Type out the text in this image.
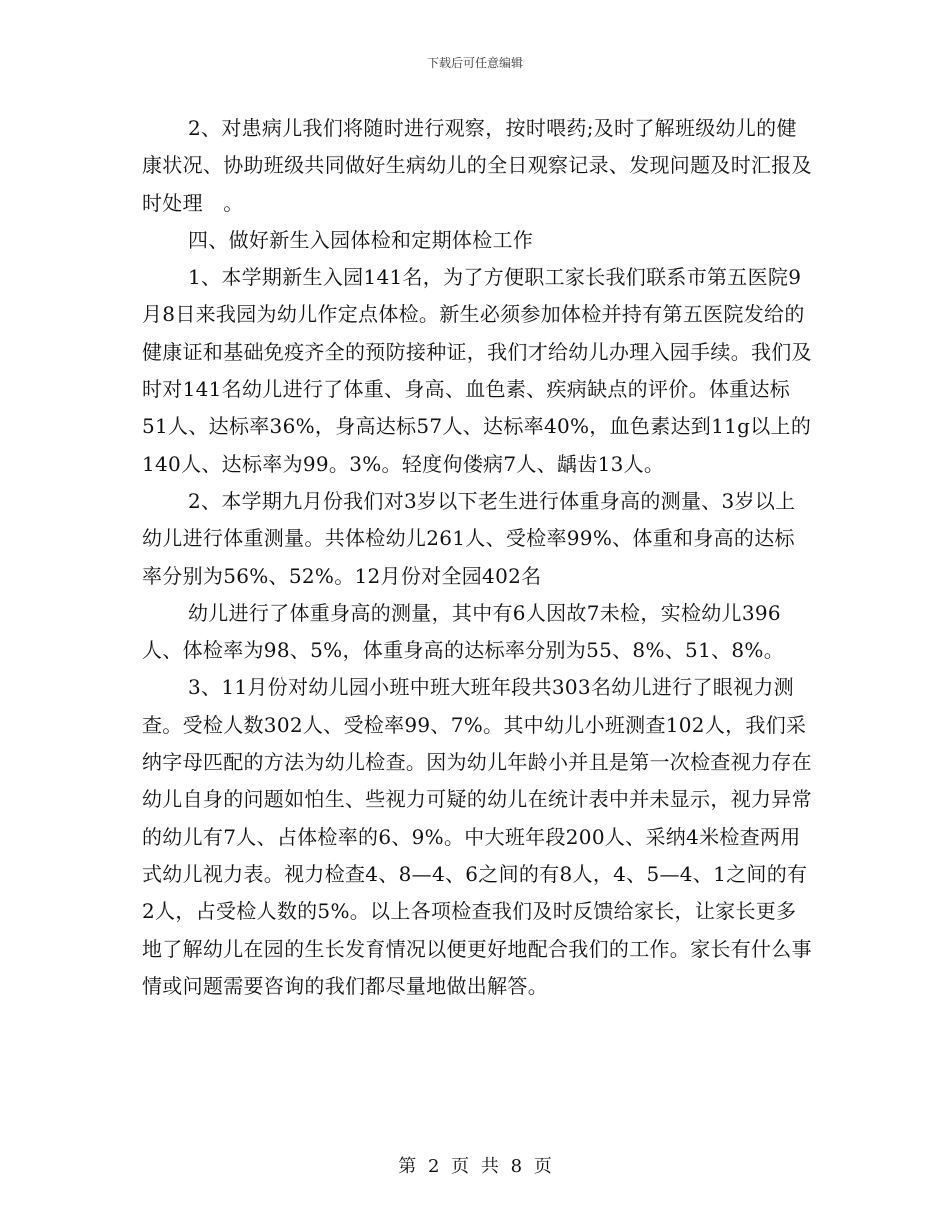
下载后可任意编辑

2、对患病儿我们将随时进行观察，按时喂药;及时了解班级幼儿的健康状况、协助班级共同做好生病幼儿的全日观察记录、发现问题及时汇报及时处理　。

四、做好新生入园体检和定期体检工作

1、本学期新生入园141名，为了方便职工家长我们联系市第五医院9月8日来我园为幼儿作定点体检。新生必须参加体检并持有第五医院发给的健康证和基础免疫齐全的预防接种证，我们才给幼儿办理入园手续。我们及时对141名幼儿进行了体重、身高、血色素、疾病缺点的评价。体重达标51人、达标率36%，身高达标57人、达标率40%，血色素达到11g以上的140人、达标率为99。3%。轻度佝偻病7人、龋齿13人。

2、本学期九月份我们对3岁以下老生进行体重身高的测量、3岁以上幼儿进行体重测量。共体检幼儿261人、受检率99%、体重和身高的达标率分别为56%、52%。12月份对全园402名

幼儿进行了体重身高的测量，其中有6人因故7未检，实检幼儿396人、体检率为98、5%，体重身高的达标率分别为55、8%、51、8%。

3、11月份对幼儿园小班中班大班年段共303名幼儿进行了眼视力测查。受检人数302人、受检率99、7%。其中幼儿小班测查102人，我们采纳字母匹配的方法为幼儿检查。因为幼儿年龄小并且是第一次检查视力存在幼儿自身的问题如怕生、些视力可疑的幼儿在统计表中并未显示，视力异常的幼儿有7人、占体检率的6、9%。中大班年段200人、采纳4米检查两用式幼儿视力表。视力检查4、8—4、6之间的有8人，4、5—4、1之间的有2人，占受检人数的5%。以上各项检查我们及时反馈给家长，让家长更多地了解幼儿在园的生长发育情况以便更好地配合我们的工作。家长有什么事情或问题需要咨询的我们都尽量地做出解答。

第 2 页 共 8 页
